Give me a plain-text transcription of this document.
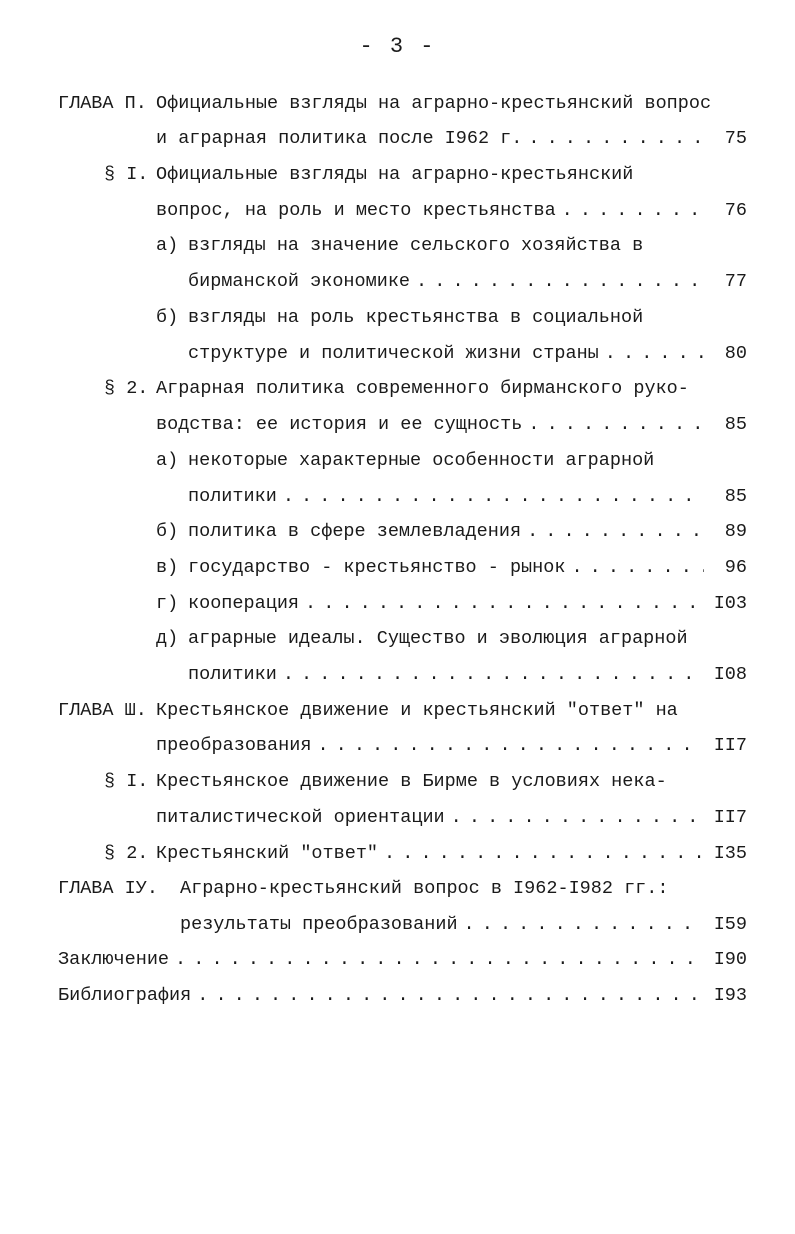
- 3 -
ГЛАВА П. Официальные взгляды на аграрно-крестьянский вопрос
и аграрная политика после I962 г. . . .	75
§ I. Официальные взгляды на аграрно-крестьянский
вопрос, на роль и место крестьянства . . .	76
а) взгляды на значение сельского хозяйства в
бирманской экономике . . .	77
б) взгляды на роль крестьянства в социальной
структуре и политической жизни страны . . .	80
§ 2. Аграрная политика современного бирманского руко-
водства: ее история и ее сущность . . .	85
а) некоторые характерные особенности аграрной
политики . . .	85
б) политика в сфере землевладения . . .	89
в) государство - крестьянство - рынок . . .	96
г) кооперация . . .	I03
д) аграрные идеалы. Существо и эволюция аграрной
политики . . .	I08
ГЛАВА Ш. Крестьянское движение и крестьянский "ответ" на
преобразования . . .	II7
§ I. Крестьянское движение в Бирме в условиях нека-
питалистической ориентации . . .	II7
§ 2. Крестьянский "ответ" . . .	I35
ГЛАВА IУ. Аграрно-крестьянский вопрос в I962-I982 гг.:
результаты преобразований . . .	I59
Заключение . . .	I90
Библиография . . .	I93
